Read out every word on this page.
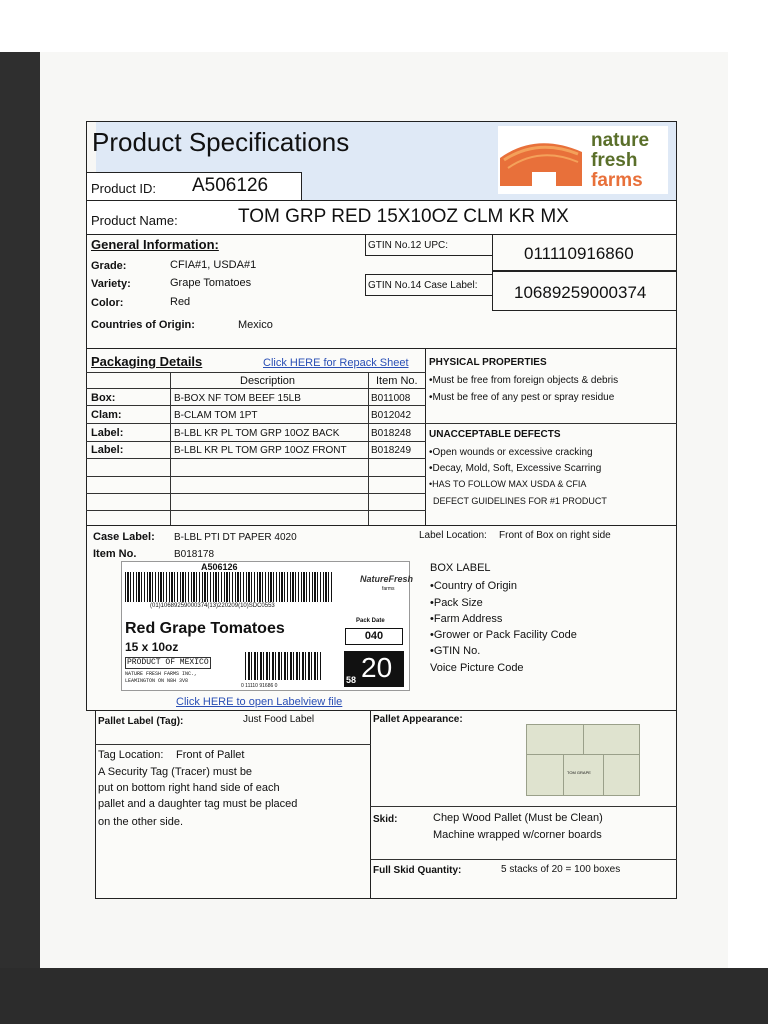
Product Specifications
Product ID: A506126
nature
fresh
farms
Product Name:	TOM GRP RED 15X10OZ CLM KR MX
General Information:
Grade:	CFIA#1, USDA#1
Variety:	Grape Tomatoes
Color:	Red
Countries of Origin:	Mexico
GTIN No.12 UPC:	011110916860
GTIN No.14 Case Label: 10689259000374
Packaging Details	Click HERE for Repack Sheet
Description	Item No.
Box:	B-BOX NF TOM BEEF 15LB	B011008
Clam:	B-CLAM TOM 1PT	B012042
Label:	B-LBL KR PL TOM GRP 10OZ BACK	B018248
Label:	B-LBL KR PL TOM GRP 10OZ FRONT B018249
PHYSICAL PROPERTIES
•Must be free from foreign objects & debris
•Must be free of any pest or spray residue
UNACCEPTABLE DEFECTS
•Open wounds or excessive cracking
•Decay, Mold, Soft, Excessive Scarring
•HAS TO FOLLOW MAX USDA & CFIA
DEFECT GUIDELINES FOR #1 PRODUCT
Case Label: B-LBL PTI DT PAPER 4020
Item No.	B018178
Label Location: Front of Box on right side
A506126
(01)10689259000374(13)220209(10)SDC0553
Red Grape Tomatoes
15 x 10oz
PRODUCT OF MEXICO
NATURE FRESH FARMS INC.,
LEAMINGTON ON N8H 3V8
0 11110 91686 0
NatureFresh
farms
Pack Date
040
58 20
Click HERE to open Labelview file
BOX LABEL
•Country of Origin
•Pack Size
•Farm Address
•Grower or Pack Facility Code
•GTIN No.
Voice Picture Code
Pallet Label (Tag):	Just Food Label	Pallet Appearance:
TOM GRAPE
Tag Location: Front of Pallet
A Security Tag (Tracer) must be
put on bottom right hand side of each
pallet and a daughter tag must be placed
on the other side.	Skid:	Chep Wood Pallet (Must be Clean)
Machine wrapped w/corner boards
Full Skid Quantity:	5 stacks of 20 = 100 boxes
